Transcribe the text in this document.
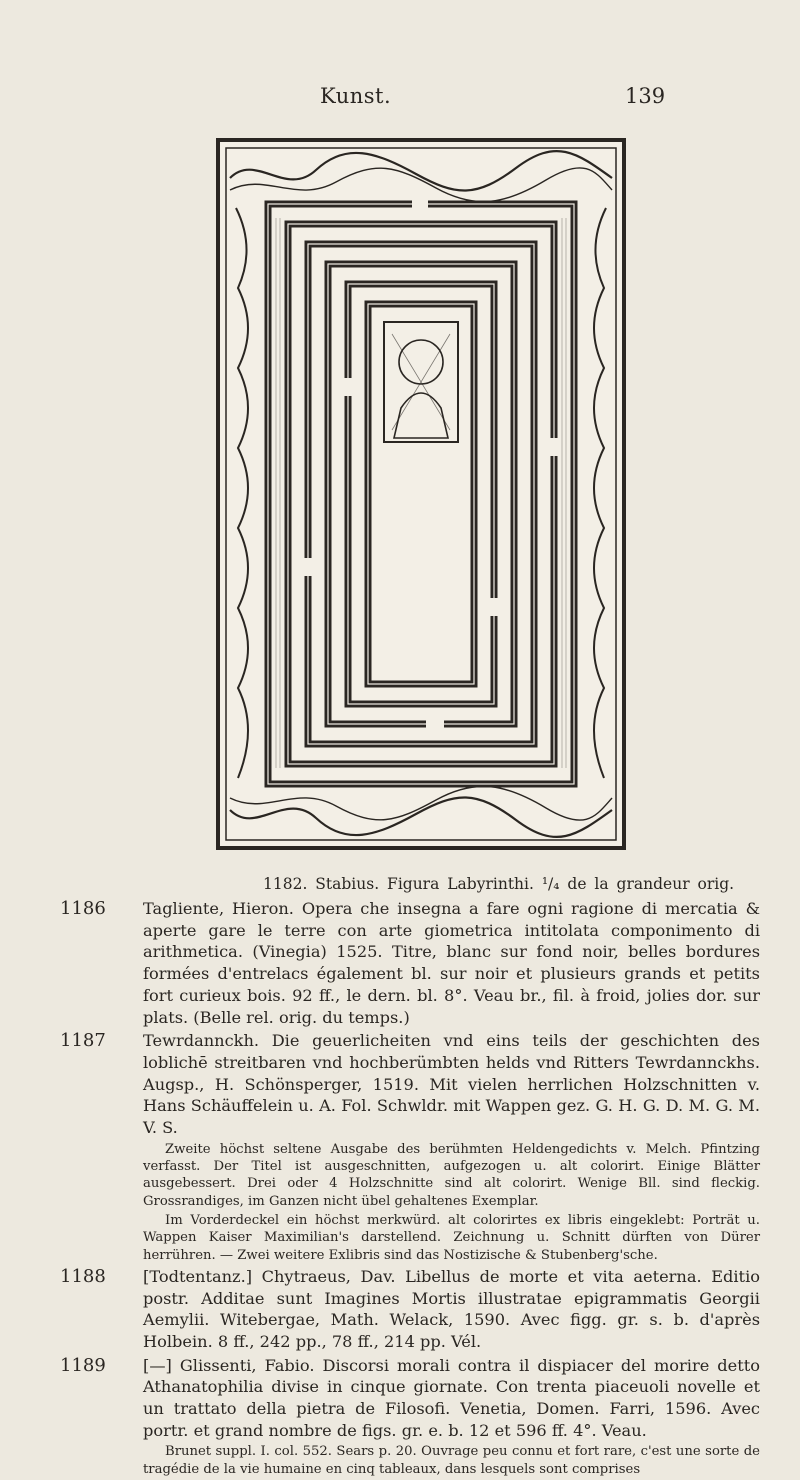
Kunst.	139
1182. Stabius. Figura Labyrinthi. ¹/₄ de la grandeur orig.
1186 Tagliente, Hieron. Opera che insegna a fare ogni ragione di mercatia & aperte gare le terre con arte giometrica intitolata componimento di arithmetica. (Vinegia) 1525. Titre, blanc sur fond noir, belles bordures formées d'entrelacs également bl. sur noir et plusieurs grands et petits fort curieux bois. 92 ff., le dern. bl. 8°. Veau br., fil. à froid, jolies dor. sur plats. (Belle rel. orig. du temps.)
1187 Tewrdannckh. Die geuerlicheiten vnd eins teils der geschichten des loblichē streitbaren vnd hochberümbten helds vnd Ritters Tewrdannckhs. Augsp., H. Schönsperger, 1519. Mit vielen herrlichen Holzschnitten v. Hans Schäuffelein u. A. Fol. Schwldr. mit Wappen gez. G. H. G. D. M. G. M. V. S.
Zweite höchst seltene Ausgabe des berühmten Heldengedichts v. Melch. Pfintzing verfasst. Der Titel ist ausgeschnitten, aufgezogen u. alt colorirt. Einige Blätter ausgebessert. Drei oder 4 Holzschnitte sind alt colorirt. Wenige Bll. sind fleckig. Grossrandiges, im Ganzen nicht übel gehaltenes Exemplar.
Im Vorderdeckel ein höchst merkwürd. alt colorirtes ex libris eingeklebt: Porträt u. Wappen Kaiser Maximilian's darstellend. Zeichnung u. Schnitt dürften von Dürer herrühren. — Zwei weitere Exlibris sind das Nostizische & Stubenberg'sche.
1188 [Todtentanz.] Chytraeus, Dav. Libellus de morte et vita aeterna. Editio postr. Additae sunt Imagines Mortis illustratae epigrammatis Georgii Aemylii. Witebergae, Math. Welack, 1590. Avec figg. gr. s. b. d'après Holbein. 8 ff., 242 pp., 78 ff., 214 pp. Vél.
1189 [—] Glissenti, Fabio. Discorsi morali contra il dispiacer del morire detto Athanatophilia divise in cinque giornate. Con trenta piaceuoli novelle et un trattato della pietra de Filosofi. Venetia, Domen. Farri, 1596. Avec portr. et grand nombre de figs. gr. e. b. 12 et 596 ff. 4°. Veau.
Brunet suppl. I. col. 552. Sears p. 20. Ouvrage peu connu et fort rare, c'est une sorte de tragédie de la vie humaine en cinq tableaux, dans lesquels sont comprises
